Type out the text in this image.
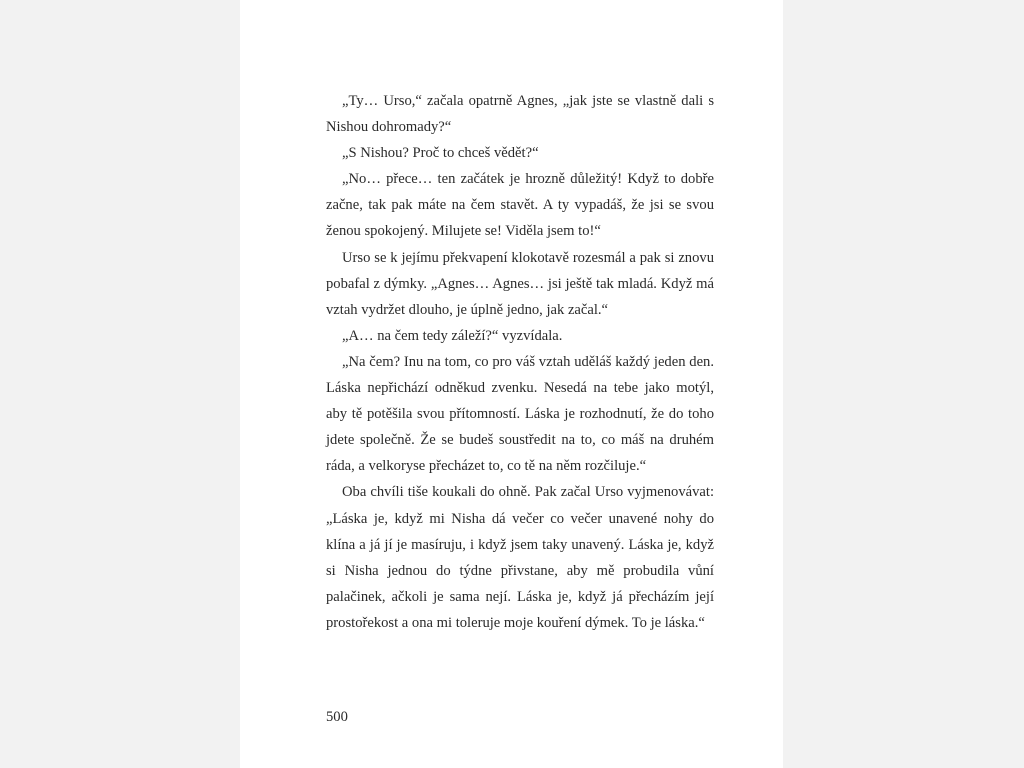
„Ty… Urso,“ začala opatrně Agnes, „jak jste se vlastně dali s Nishou dohromady?“

„S Nishou? Proč to chceš vědět?“

„No… přece… ten začátek je hrozně důležitý! Když to dobře začne, tak pak máte na čem stavět. A ty vypadáš, že jsi se svou ženou spokojený. Milujete se! Viděla jsem to!“

Urso se k jejímu překvapení klokotavě rozesmál a pak si znovu pobafal z dýmky. „Agnes… Agnes… jsi ještě tak mladá. Když má vztah vydržet dlouho, je úplně jedno, jak začal.“

„A… na čem tedy záleží?“ vyzvídala.

„Na čem? Inu na tom, co pro váš vztah uděláš každý jeden den. Láska nepřichází odněkud zvenku. Nesedá na tebe jako motýl, aby tě potěšila svou přítomností. Láska je rozhodnutí, že do toho jdete společně. Že se budeš soustředit na to, co máš na druhém ráda, a velkoryse přecházet to, co tě na něm rozčiluje.“

Oba chvíli tiše koukali do ohně. Pak začal Urso vyjmenovávat: „Láska je, když mi Nisha dá večer co večer unavené nohy do klína a já jí je masíruju, i když jsem taky unavený. Láska je, když si Nisha jednou do týdne přivstane, aby mě probudila vůní palačinek, ačkoli je sama nejí. Láska je, když já přecházím její prostořekost a ona mi toleruje moje kouření dýmek. To je láska.“

500
